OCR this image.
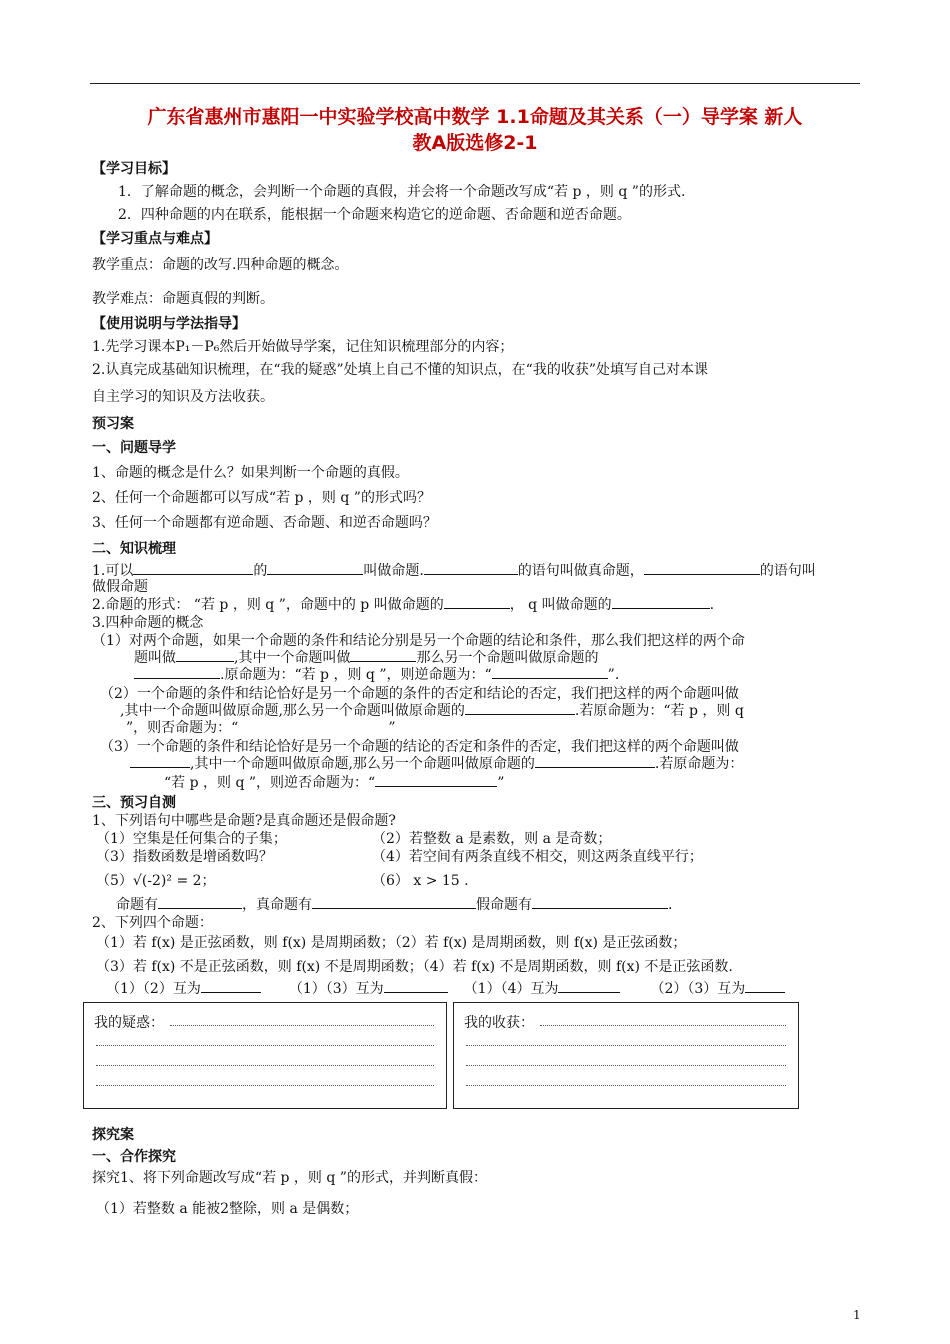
广东省惠州市惠阳一中实验学校高中数学 1.1命题及其关系（一）导学案 新人
教A版选修2-1
【学习目标】
1．了解命题的概念，会判断一个命题的真假，并会将一个命题改写成“若 p ，则 q ”的形式.
2．四种命题的内在联系，能根据一个命题来构造它的逆命题、否命题和逆否命题。
【学习重点与难点】
教学重点：命题的改写.四种命题的概念。
教学难点：命题真假的判断。
【使用说明与学法指导】
1.先学习课本P₁－P₆然后开始做导学案，记住知识梳理部分的内容；
2.认真完成基础知识梳理，在“我的疑惑”处填上自己不懂的知识点，在“我的收获”处填写自己对本课
自主学习的知识及方法收获。
预习案
一、问题导学
1、命题的概念是什么？如果判断一个命题的真假。
2、任何一个命题都可以写成“若 p ，则 q ”的形式吗？
3、任何一个命题都有逆命题、否命题、和逆否命题吗？
二、知识梳理
1.可以	的	叫做命题.	的语句叫做真命题，	的语句叫
做假命题
2.命题的形式： “若 p ，则 q ”，命题中的 p 叫做命题的	， q 叫做命题的	.
3.四种命题的概念
（1）对两个命题，如果一个命题的条件和结论分别是另一个命题的结论和条件，那么我们把这样的两个命
题叫做	,其中一个命题叫做	那么另一个命题叫做原命题的
.原命题为：“若 p ，则 q ”，则逆命题为：“	”.
（2）一个命题的条件和结论恰好是另一个命题的条件的否定和结论的否定，我们把这样的两个命题叫做
,其中一个命题叫做原命题,那么另一个命题叫做原命题的	.若原命题为：“若 p ，则 q
”，则否命题为：“	”
（3）一个命题的条件和结论恰好是另一个命题的结论的否定和条件的否定，我们把这样的两个命题叫做
,其中一个命题叫做原命题,那么另一个命题叫做原命题的	.若原命题为：
“若 p ，则 q ”，则逆否命题为：“	”
三、预习自测
1、下列语句中哪些是命题?是真命题还是假命题?
（1）空集是任何集合的子集；	（2）若整数 a 是素数，则 a 是奇数；
（3）指数函数是增函数吗？	（4）若空间有两条直线不相交，则这两条直线平行；
（5）√(-2)² = 2；	（6） x > 15 .
命题有	，真命题有	假命题有	.
2、下列四个命题：
（1）若 f(x) 是正弦函数，则 f(x) 是周期函数；（2）若 f(x) 是周期函数，则 f(x) 是正弦函数；
（3）若 f(x) 不是正弦函数，则 f(x) 不是周期函数；（4）若 f(x) 不是周期函数，则 f(x) 不是正弦函数.
（1）（2）互为	（1）（3）互为	（1）（4）互为	（2）（3）互为
我的疑惑：	我的收获：
探究案
一、合作探究
探究1、将下列命题改写成“若 p ，则 q ”的形式，并判断真假：
（1）若整数 a 能被2整除，则 a 是偶数；
1
